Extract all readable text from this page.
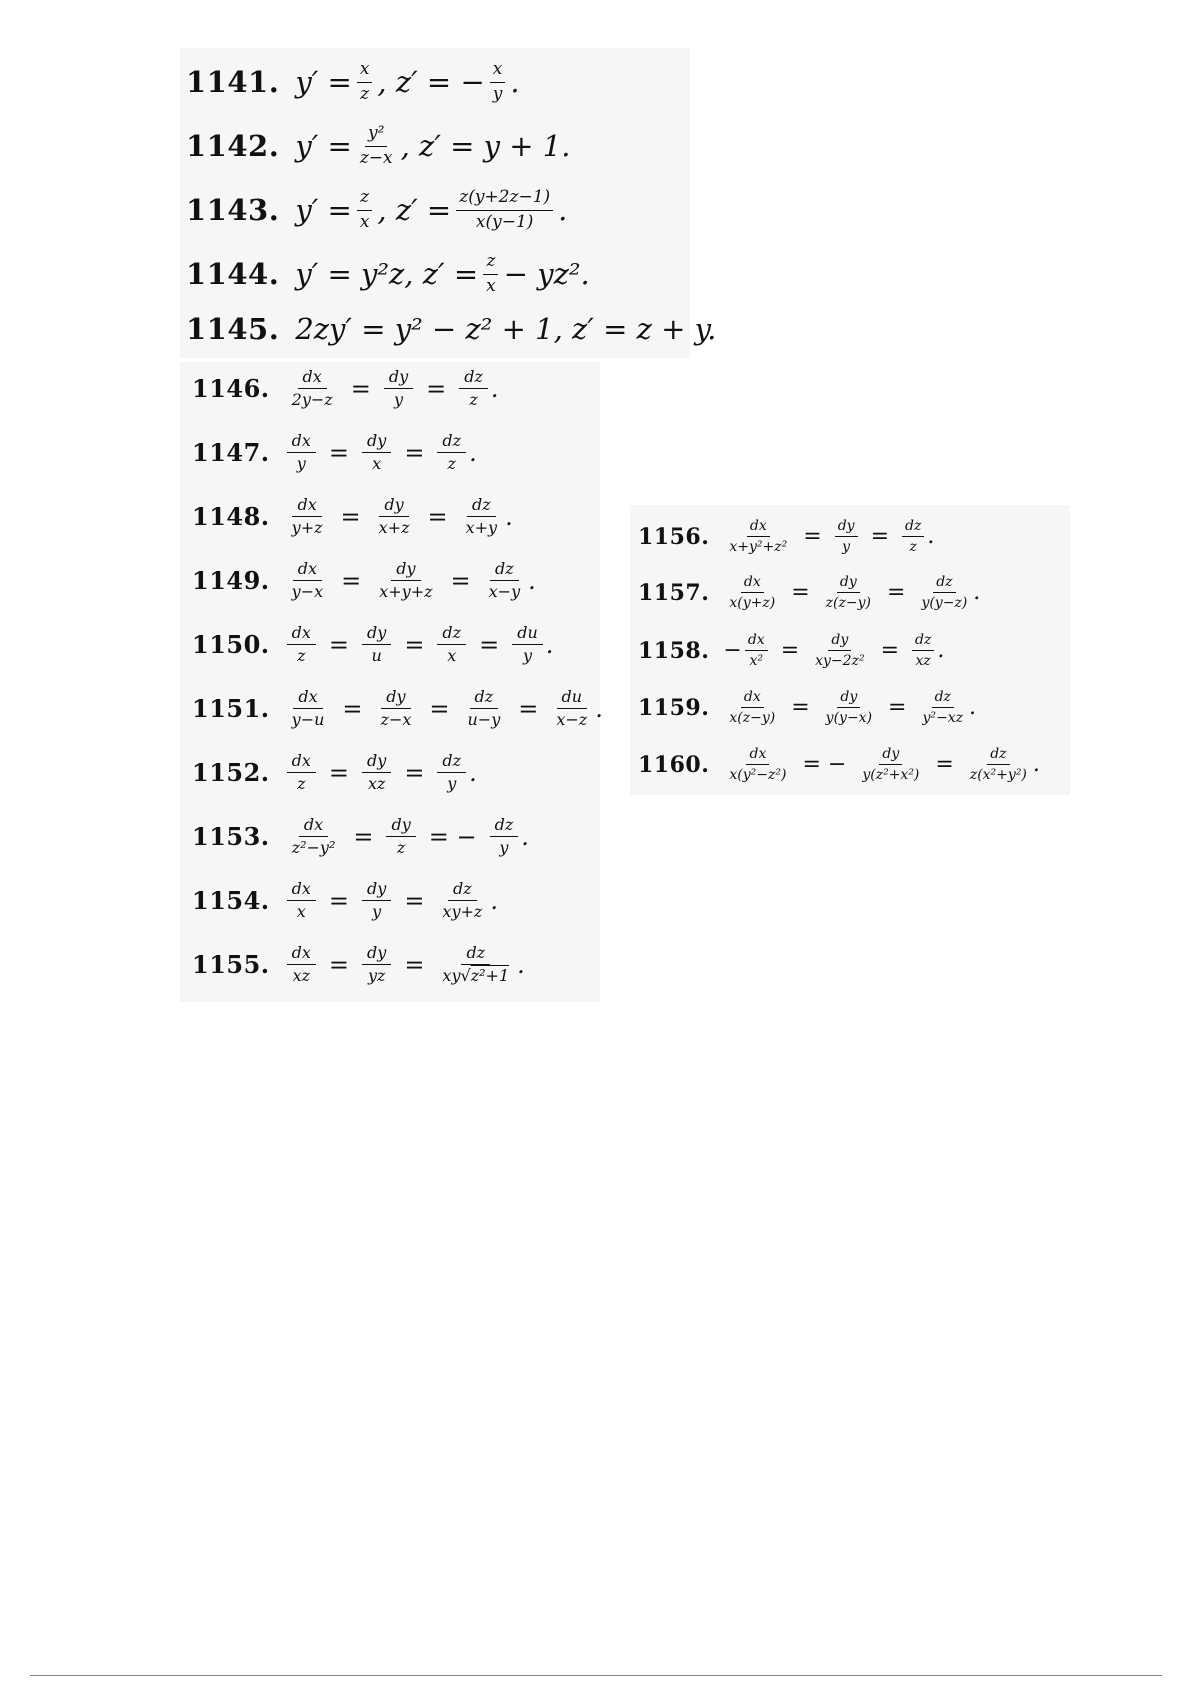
1141. $y' = \frac{x}{z}$ , z′ = − $\frac{x}{y}$ .
1142. $y' = \frac{\text{y²}}{z-x}$ , z′ = y + 1.
1143. $y' = \frac{z}{x}$ , $z' = \frac{z(y+2z-1)}{x(y-1)}$ .
1144. y′ = y²z, $z' = \frac{z}{x} - yz^2$.
1145. 2zy′ = y² − z² + 1, z′ = z + y.
1146. $\frac{dx}{2y-z} = \frac{dy}{y} = \frac{dz}{z}$ .
1147. $\frac{dx}{y} = \frac{dy}{x} = \frac{dz}{z}$ .
1148. $\frac{dx}{y+z} = \frac{dy}{x+z} = \frac{dz}{x+y}$ .
1149. $\frac{dx}{y-x} = \frac{dy}{x+y+z} = \frac{dz}{x-y}$ .
1150. $\frac{dx}{z} = \frac{dy}{u} = \frac{dz}{x} = \frac{du}{y}$ .
1151. $\frac{dx}{y-u} = \frac{dy}{z-x} = \frac{dz}{u-y} = \frac{du}{x-z}$ .
1152. $\frac{dx}{z} = \frac{dy}{xz} = \frac{dz}{y}$ .
1153. $\frac{dx}{\text{z²−y²}} = \frac{dy}{z}$ = − $\frac{dz}{y}$ .
1154. $\frac{dx}{x} = \frac{dy}{y} = \frac{dz}{xy+z}$ .
1155. $\frac{dx}{xz} = \frac{dy}{yz} = \frac{dz}{\text{xy√z²+1}}$ .
1156. $\frac{dx}{\text{x+y²+z²}} = \frac{dy}{y} = \frac{dz}{z}$ .
1157. $\frac{dx}{x(y+z)} = \frac{dy}{z(z-y)} = \frac{dz}{y(y-z)}$ .
1158. − $\frac{dx}{\text{x²}} = \frac{dy}{\text{xy−2z²}} = \frac{dz}{xz}$ .
1159. $\frac{dx}{x(z-y)} = \frac{dy}{y(y-x)} = \frac{dz}{\text{y²−xz}}$ .
1160. $\frac{dx}{\text{x(y²−z²)}}$ = − $\frac{dy}{\text{y(z²+x²)}} = \frac{dz}{\text{z(x²+y²)}}$ .
